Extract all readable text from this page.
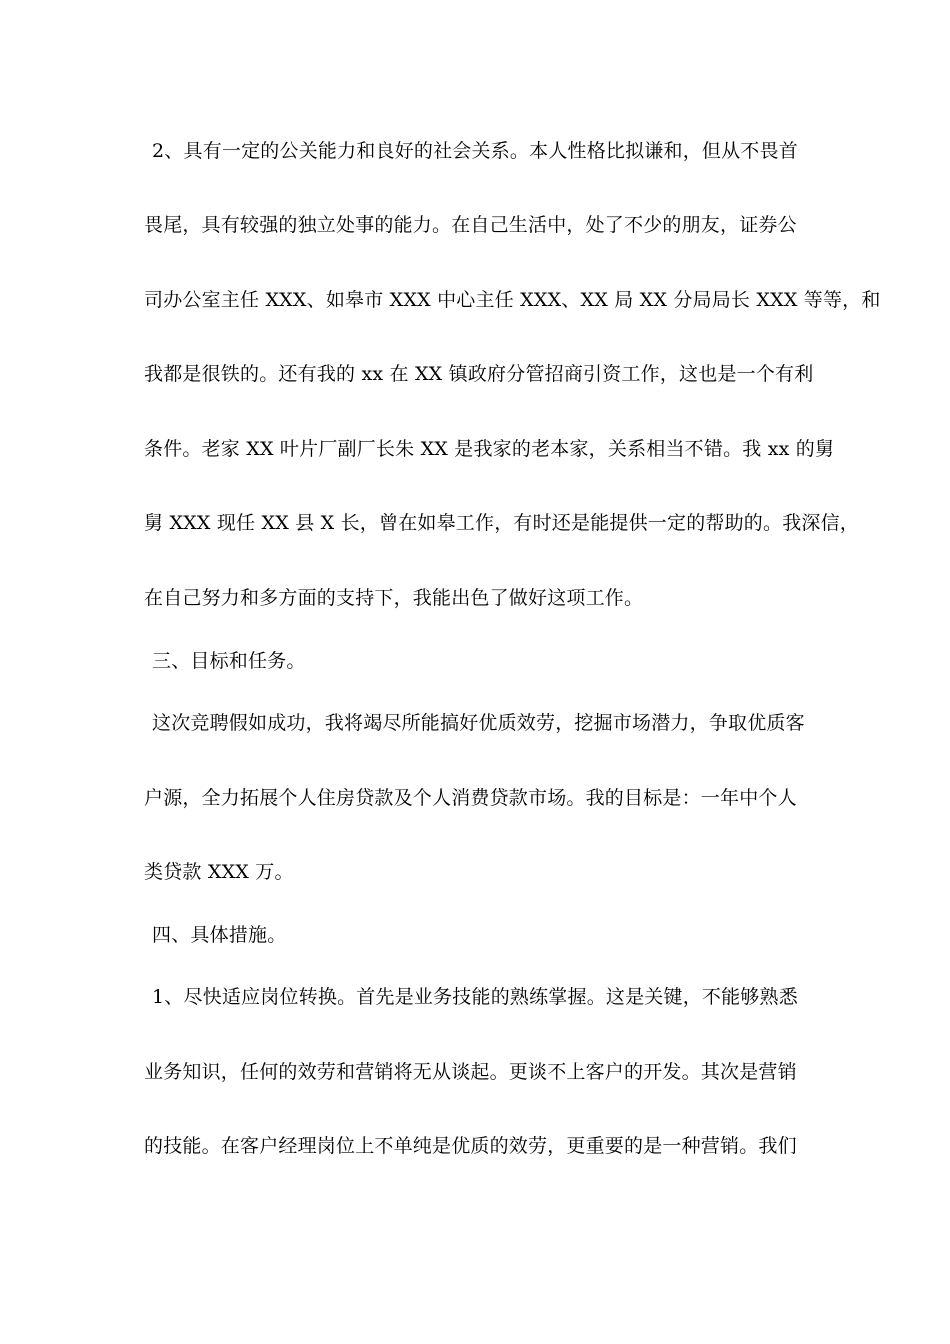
2、具有一定的公关能力和良好的社会关系。本人性格比拟谦和，但从不畏首
畏尾，具有较强的独立处事的能力。在自己生活中，处了不少的朋友，证券公
司办公室主任 XXX、如皋市 XXX 中心主任 XXX、XX 局 XX 分局局长 XXX 等等，和
我都是很铁的。还有我的 xx 在 XX 镇政府分管招商引资工作，这也是一个有利
条件。老家 XX 叶片厂副厂长朱 XX 是我家的老本家，关系相当不错。我 xx 的舅
舅 XXX 现任 XX 县 X 长，曾在如皋工作，有时还是能提供一定的帮助的。我深信，
在自己努力和多方面的支持下，我能出色了做好这项工作。
三、目标和任务。
这次竞聘假如成功，我将竭尽所能搞好优质效劳，挖掘市场潜力，争取优质客
户源，全力拓展个人住房贷款及个人消费贷款市场。我的目标是：一年中个人
类贷款 XXX 万。
四、具体措施。
1、尽快适应岗位转换。首先是业务技能的熟练掌握。这是关键，不能够熟悉
业务知识，任何的效劳和营销将无从谈起。更谈不上客户的开发。其次是营销
的技能。在客户经理岗位上不单纯是优质的效劳，更重要的是一种营销。我们
